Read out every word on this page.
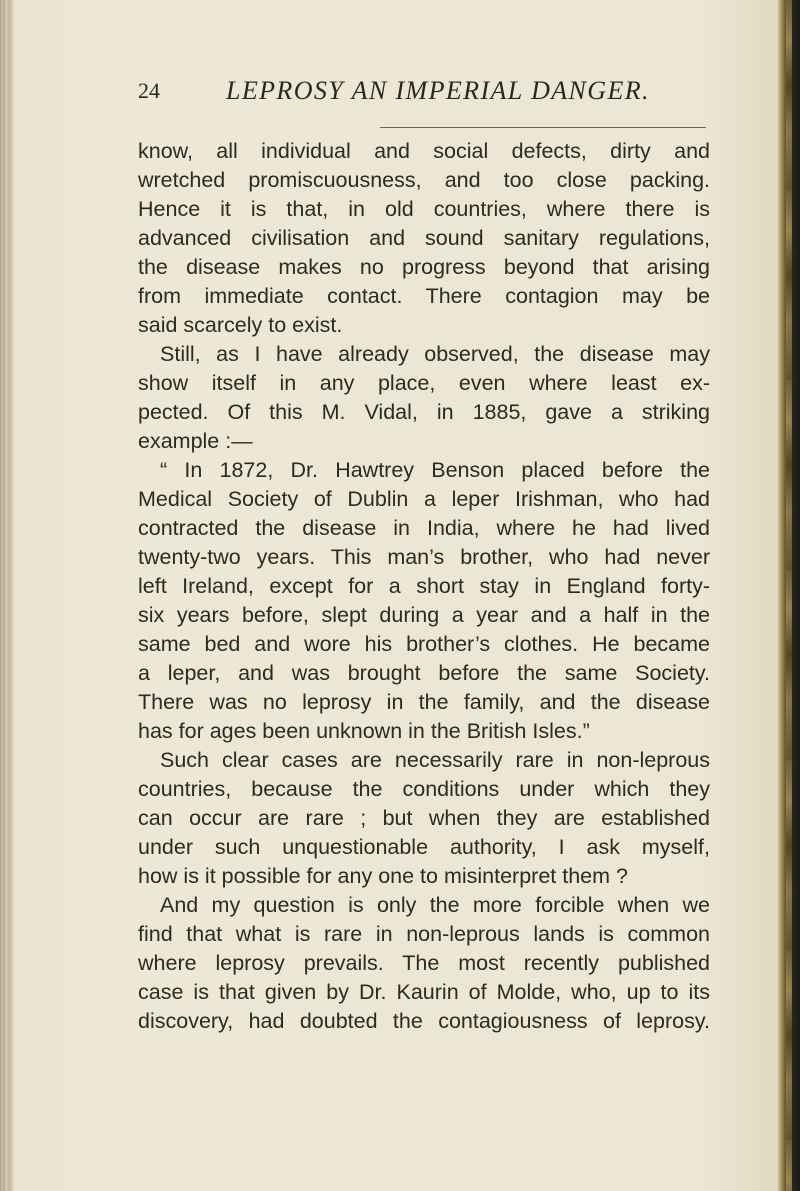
24	LEPROSY AN IMPERIAL DANGER.
know, all individual and social defects, dirty and
wretched promiscuousness, and too close packing.
Hence it is that, in old countries, where there is
advanced civilisation and sound sanitary regulations,
the disease makes no progress beyond that arising
from immediate contact. There contagion may be
said scarcely to exist.
Still, as I have already observed, the disease may
show itself in any place, even where least ex-
pected. Of this M. Vidal, in 1885, gave a striking
example :—
“ In 1872, Dr. Hawtrey Benson placed before the
Medical Society of Dublin a leper Irishman, who had
contracted the disease in India, where he had lived
twenty-two years. This man’s brother, who had never
left Ireland, except for a short stay in England forty-
six years before, slept during a year and a half in the
same bed and wore his brother’s clothes. He became
a leper, and was brought before the same Society.
There was no leprosy in the family, and the disease
has for ages been unknown in the British Isles.”
Such clear cases are necessarily rare in non-leprous
countries, because the conditions under which they
can occur are rare ; but when they are established
under such unquestionable authority, I ask myself,
how is it possible for any one to misinterpret them ?
And my question is only the more forcible when we
find that what is rare in non-leprous lands is common
where leprosy prevails. The most recently published
case is that given by Dr. Kaurin of Molde, who, up to its
discovery, had doubted the contagiousness of leprosy.
